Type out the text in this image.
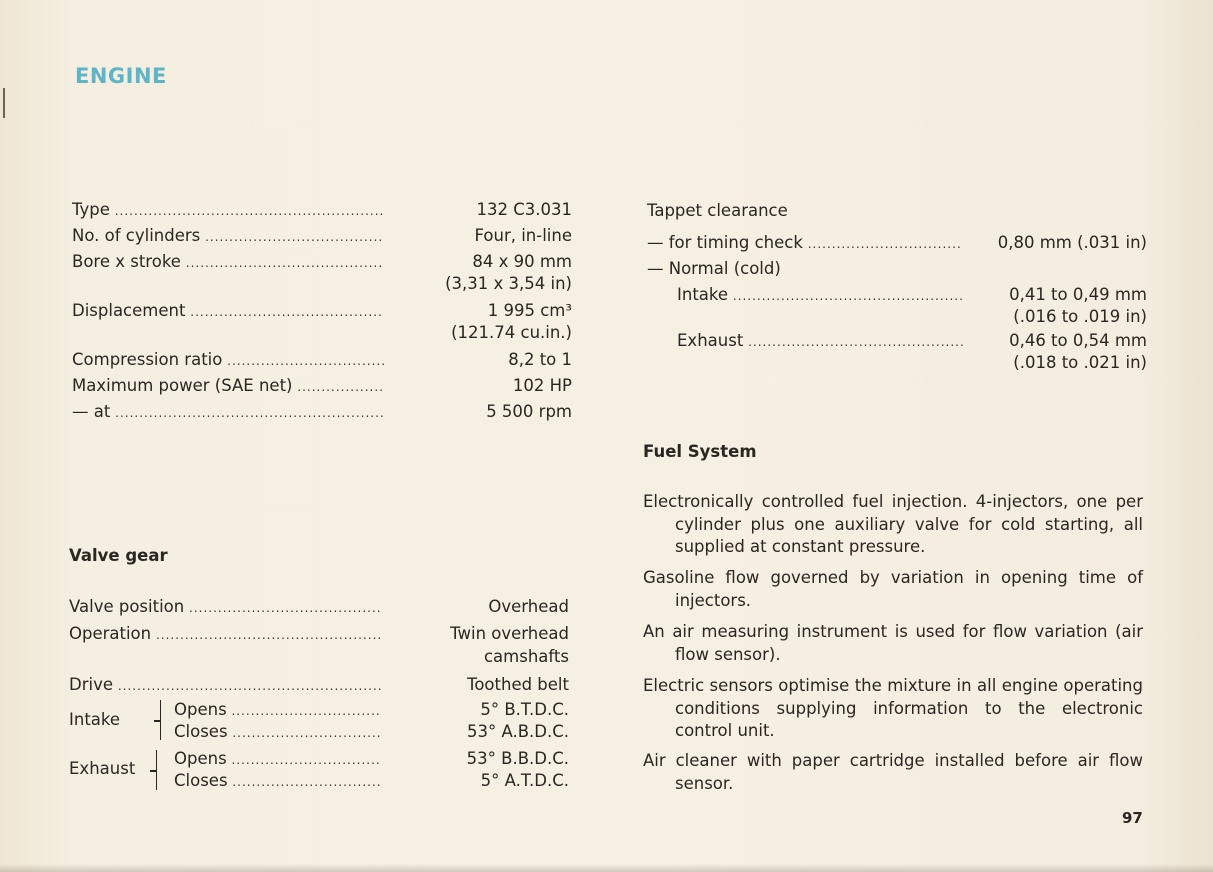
ENGINE
Type .....	132 C3.031
No. of cylinders .....	Four, in-line
Bore x stroke .....	84 x 90 mm
(3,31 x 3,54 in)
Displacement .....	1 995 cm³
(121.74 cu.in.)
Compression ratio .....	8,2 to 1
Maximum power (SAE net) .....	102 HP
— at .....	5 500 rpm
Valve gear
Valve position .....	Overhead
Operation .....	Twin overhead
camshafts
Drive .....	Toothed belt
Intake
Opens .....	5° B.T.D.C.
Closes .....	53° A.B.D.C.
Exhaust
Opens .....	53° B.B.D.C.
Closes .....	5° A.T.D.C.
Tappet clearance
— for timing check .....	0,80 mm (.031 in)
— Normal (cold)
Intake .....	0,41 to 0,49 mm
(.016 to .019 in)
Exhaust .....	0,46 to 0,54 mm
(.018 to .021 in)
Fuel System

Electronically controlled fuel injection. 4-injectors, one per cylinder plus one auxiliary valve for cold starting, all supplied at constant pressure.

Gasoline flow governed by variation in opening time of injectors.

An air measuring instrument is used for flow variation (air flow sensor).

Electric sensors optimise the mixture in all engine operating conditions supplying information to the electronic control unit.

Air cleaner with paper cartridge installed before air flow sensor.

97
